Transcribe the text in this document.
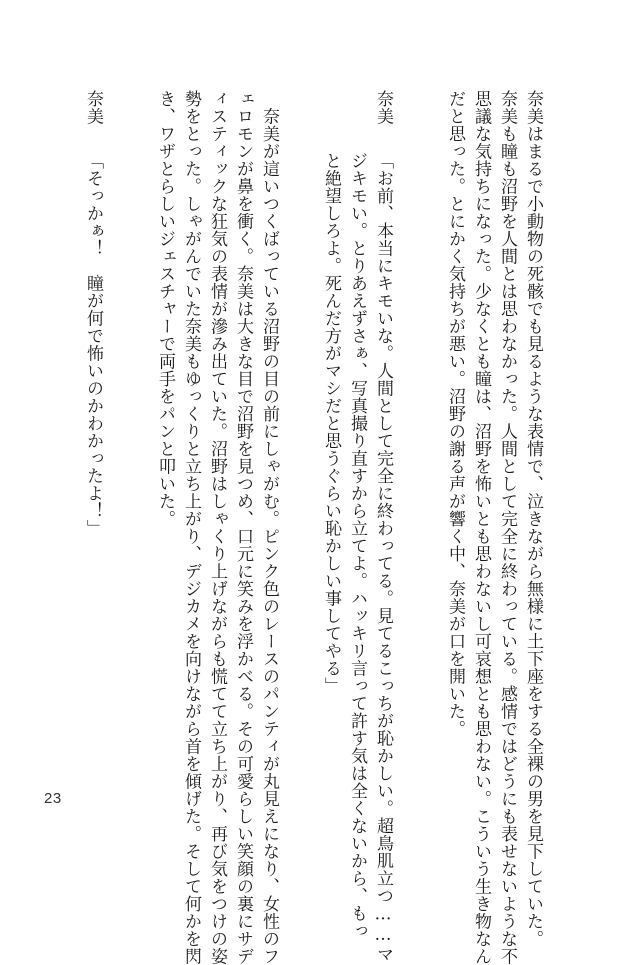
奈美はまるで小動物の死骸でも見るような表情で、泣きながら無様に土下座をする全裸の男を見下していた。
奈美も瞳も沼野を人間とは思わなかった。人間として完全に終わっている。感情ではどうにも表せないような不
思議な気持ちになった。少なくとも瞳は、沼野を怖いとも思わないし可哀想とも思わない。こういう生き物なん
だと思った。とにかく気持ちが悪い。沼野の謝る声が響く中、奈美が口を開いた。
奈美
「お前、本当にキモいな。人間として完全に終わってる。見てるこっちが恥かしい。超鳥肌立つ……マ
ジキモい。とりあえずさぁ、写真撮り直すから立てよ。ハッキリ言って許す気は全くないから、もっ
と絶望しろよ。死んだ方がマシだと思うぐらい恥かしい事してやる」
　奈美が這いつくばっている沼野の目の前にしゃがむ。ピンク色のレースのパンティが丸見えになり、女性のフ
ェロモンが鼻を衝く。奈美は大きな目で沼野を見つめ、口元に笑みを浮かべる。その可愛らしい笑顔の裏にサデ
ィスティックな狂気の表情が滲み出ていた。沼野はしゃくり上げながらも慌てて立ち上がり、再び気をつけの姿
勢をとった。しゃがんでいた奈美もゆっくりと立ち上がり、デジカメを向けながら首を傾げた。そして何かを閃
き、ワザとらしいジェスチャーで両手をパンと叩いた。
奈美
「そっかぁ！　瞳が何で怖いのかわかったよ！」
23
